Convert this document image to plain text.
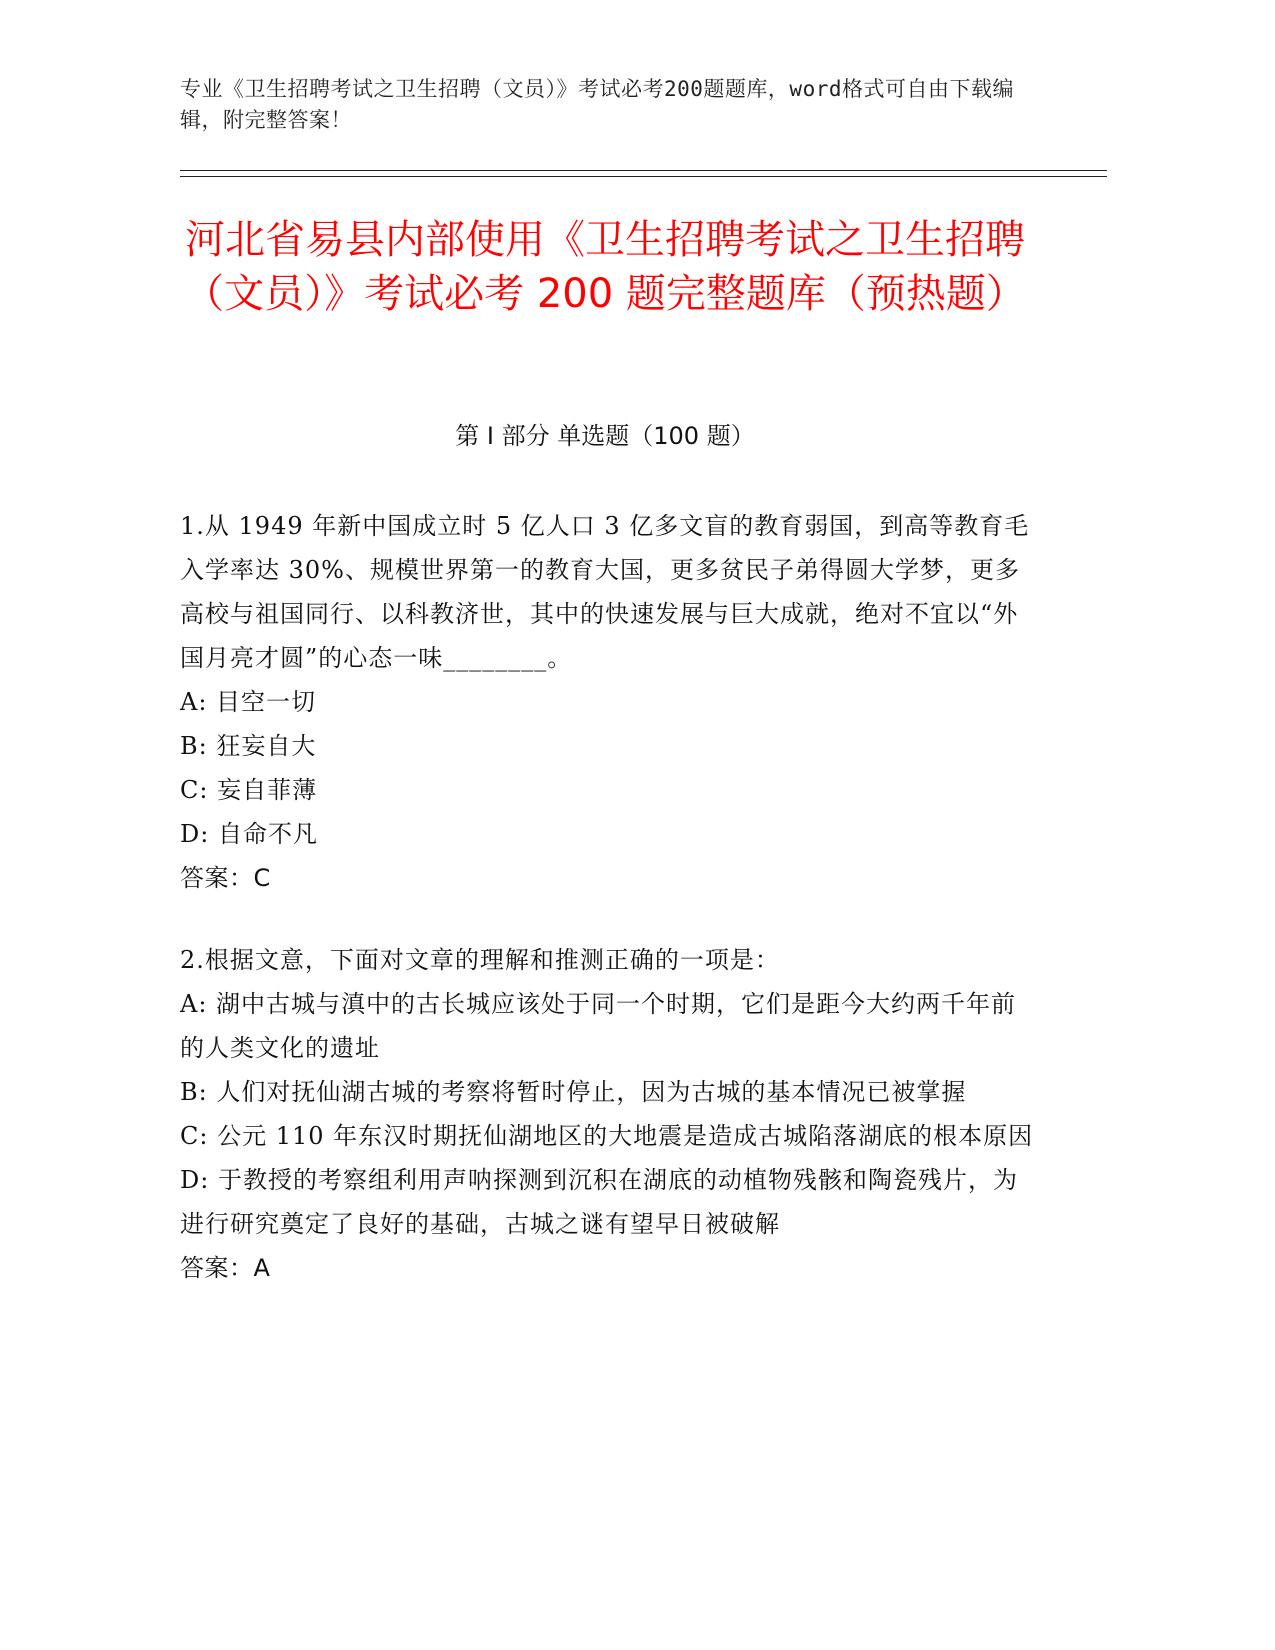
专业《卫生招聘考试之卫生招聘（文员）》考试必考200题题库，word格式可自由下载编辑，附完整答案！
河北省易县内部使用《卫生招聘考试之卫生招聘（文员）》考试必考 200 题完整题库（预热题）
第 I 部分 单选题（100 题）

1.从 1949 年新中国成立时 5 亿人口 3 亿多文盲的教育弱国，到高等教育毛入学率达 30%、规模世界第一的教育大国，更多贫民子弟得圆大学梦，更多高校与祖国同行、以科教济世，其中的快速发展与巨大成就，绝对不宜以“外国月亮才圆”的心态一味________。

A: 目空一切

B: 狂妄自大

C: 妄自菲薄

D: 自命不凡

答案：C

2.根据文意，下面对文章的理解和推测正确的一项是：

A: 湖中古城与滇中的古长城应该处于同一个时期，它们是距今大约两千年前的人类文化的遗址

B: 人们对抚仙湖古城的考察将暂时停止，因为古城的基本情况已被掌握

C: 公元 110 年东汉时期抚仙湖地区的大地震是造成古城陷落湖底的根本原因

D: 于教授的考察组利用声呐探测到沉积在湖底的动植物残骸和陶瓷残片，为进行研究奠定了良好的基础，古城之谜有望早日被破解

答案：A
